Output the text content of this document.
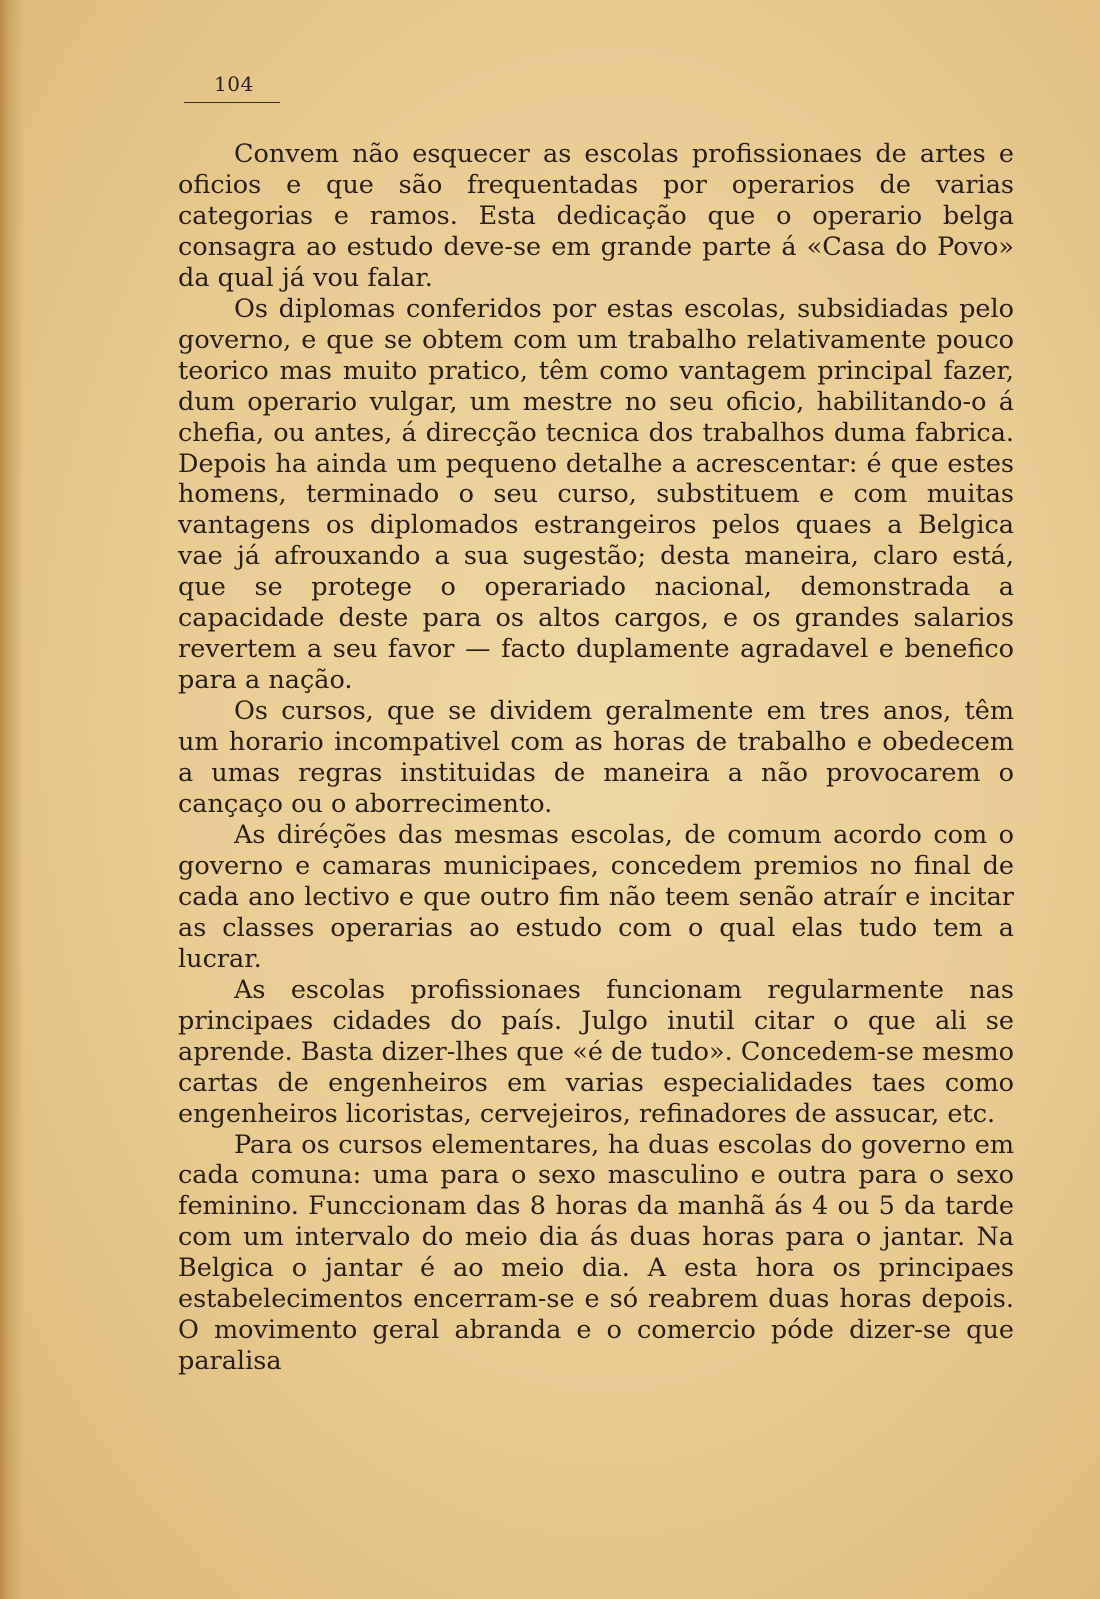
104

Convem não esquecer as escolas profissionaes de artes e oficios e que são frequentadas por operarios de varias categorias e ramos. Esta dedicação que o operario belga consagra ao estudo deve-se em grande parte á «Casa do Povo» da qual já vou falar.

Os diplomas conferidos por estas escolas, subsidiadas pelo governo, e que se obtem com um trabalho relativamente pouco teorico mas muito pratico, têm como vantagem principal fazer, dum operario vulgar, um mestre no seu oficio, habilitando-o á chefia, ou antes, á direcção tecnica dos trabalhos duma fabrica. Depois ha ainda um pequeno detalhe a acrescentar: é que estes homens, terminado o seu curso, substituem e com muitas vantagens os diplomados estrangeiros pelos quaes a Belgica vae já afrouxando a sua sugestão; desta maneira, claro está, que se protege o operariado nacional, demonstrada a capacidade deste para os altos cargos, e os grandes salarios revertem a seu favor — facto duplamente agradavel e benefico para a nação.

Os cursos, que se dividem geralmente em tres anos, têm um horario incompativel com as horas de trabalho e obedecem a umas regras instituidas de maneira a não provocarem o cançaço ou o aborrecimento.

As diréções das mesmas escolas, de comum acordo com o governo e camaras municipaes, concedem premios no final de cada ano lectivo e que outro fim não teem senão atraír e incitar as classes operarias ao estudo com o qual elas tudo tem a lucrar.

As escolas profissionaes funcionam regularmente nas principaes cidades do país. Julgo inutil citar o que ali se aprende. Basta dizer-lhes que «é de tudo». Concedem-se mesmo cartas de engenheiros em varias especialidades taes como engenheiros licoristas, cervejeiros, refinadores de assucar, etc.

Para os cursos elementares, ha duas escolas do governo em cada comuna: uma para o sexo masculino e outra para o sexo feminino. Funccionam das 8 horas da manhã ás 4 ou 5 da tarde com um intervalo do meio dia ás duas horas para o jantar. Na Belgica o jantar é ao meio dia. A esta hora os principaes estabelecimentos encerram-se e só reabrem duas horas depois. O movimento geral abranda e o comercio póde dizer-se que paralisa
